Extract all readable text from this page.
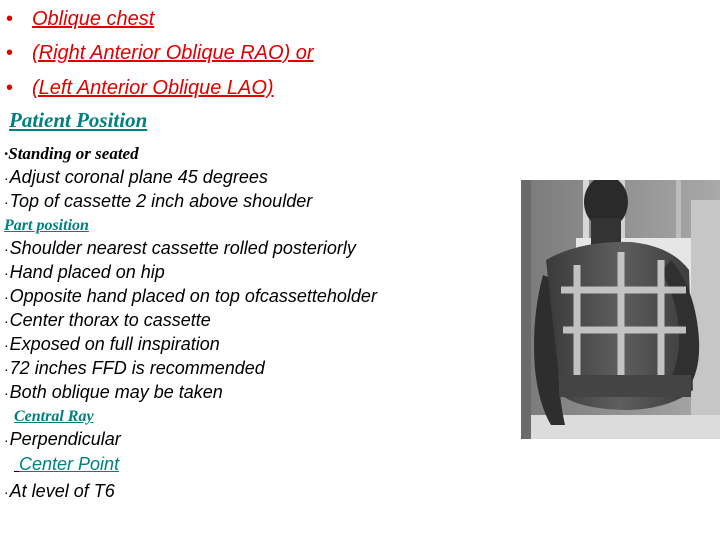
• Oblique chest
• (Right Anterior Oblique RAO) or
• (Left Anterior Oblique LAO)
Patient Position
·Standing or seated
·Adjust coronal plane 45 degrees
·Top of cassette 2 inch above shoulder
Part position
·Shoulder nearest cassette rolled posteriorly
·Hand placed on hip
·Opposite hand placed on top ofcassetteholder
·Center thorax to cassette
·Exposed on full inspiration
·72 inches FFD is recommended
·Both oblique may be taken
Central Ray
·Perpendicular
Center Point
·At level of T6
